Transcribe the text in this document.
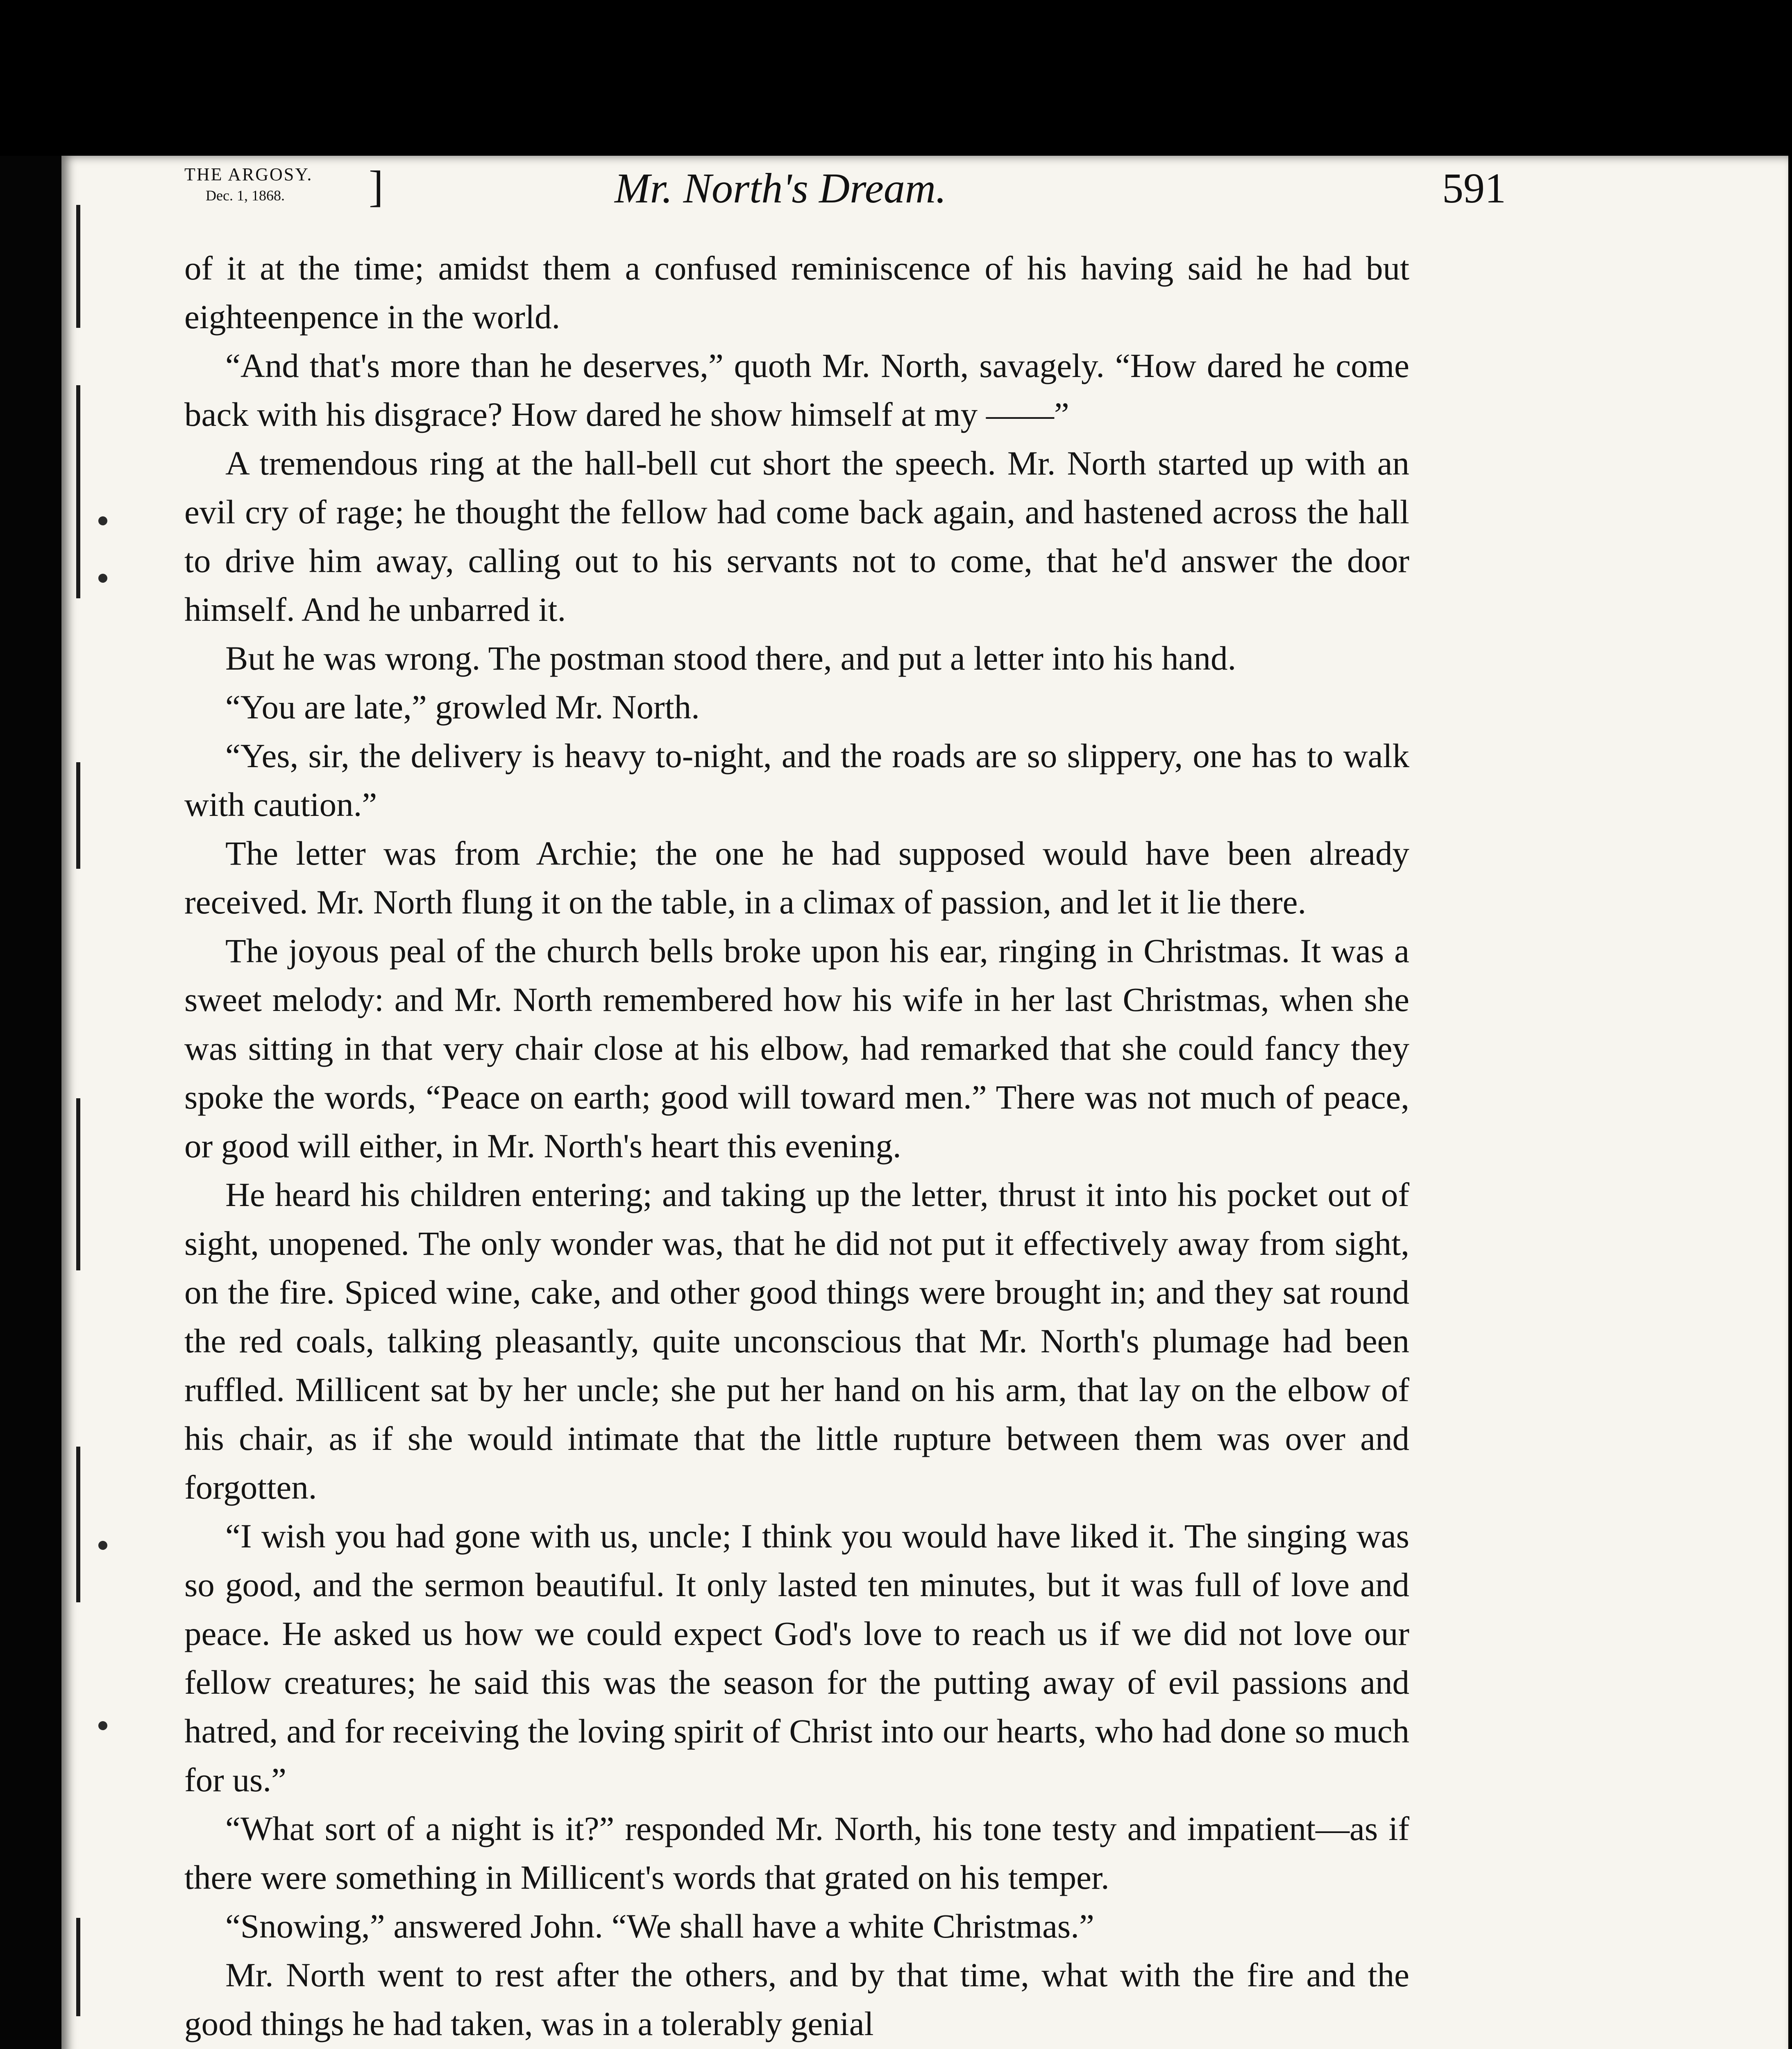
THE ARGOSY.
Dec. 1, 1868. ]	Mr. North's Dream.	591

of it at the time; amidst them a confused reminiscence of his having said he had but eighteenpence in the world.

“And that's more than he deserves,” quoth Mr. North, savagely. “How dared he come back with his disgrace? How dared he show himself at my ——”

A tremendous ring at the hall-bell cut short the speech. Mr. North started up with an evil cry of rage; he thought the fellow had come back again, and hastened across the hall to drive him away, calling out to his servants not to come, that he'd answer the door himself. And he unbarred it.

But he was wrong. The postman stood there, and put a letter into his hand.

“You are late,” growled Mr. North.

“Yes, sir, the delivery is heavy to-night, and the roads are so slippery, one has to walk with caution.”

The letter was from Archie; the one he had supposed would have been already received. Mr. North flung it on the table, in a climax of passion, and let it lie there.

The joyous peal of the church bells broke upon his ear, ringing in Christmas. It was a sweet melody: and Mr. North remembered how his wife in her last Christmas, when she was sitting in that very chair close at his elbow, had remarked that she could fancy they spoke the words, “Peace on earth; good will toward men.” There was not much of peace, or good will either, in Mr. North's heart this evening.

He heard his children entering; and taking up the letter, thrust it into his pocket out of sight, unopened. The only wonder was, that he did not put it effectively away from sight, on the fire. Spiced wine, cake, and other good things were brought in; and they sat round the red coals, talking pleasantly, quite unconscious that Mr. North's plumage had been ruffled. Millicent sat by her uncle; she put her hand on his arm, that lay on the elbow of his chair, as if she would intimate that the little rupture between them was over and forgotten.

“I wish you had gone with us, uncle; I think you would have liked it. The singing was so good, and the sermon beautiful. It only lasted ten minutes, but it was full of love and peace. He asked us how we could expect God's love to reach us if we did not love our fellow creatures; he said this was the season for the putting away of evil passions and hatred, and for receiving the loving spirit of Christ into our hearts, who had done so much for us.”

“What sort of a night is it?” responded Mr. North, his tone testy and impatient—as if there were something in Millicent's words that grated on his temper.

“Snowing,” answered John. “We shall have a white Christmas.”

Mr. North went to rest after the others, and by that time, what with the fire and the good things he had taken, was in a tolerably genial
